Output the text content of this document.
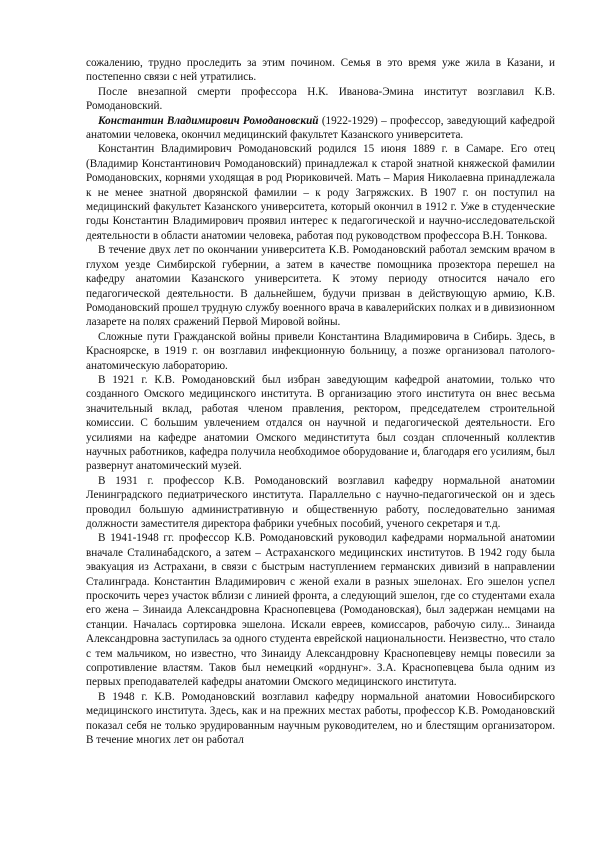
сожалению, трудно проследить за этим почином. Семья в это время уже жила в Казани, и постепенно связи с ней утратились.

После внезапной смерти профессора Н.К. Иванова-Эмина институт возглавил К.В. Ромодановский.

Константин Владимирович Ромодановский (1922-1929) – профессор, заведующий кафедрой анатомии человека, окончил медицинский факультет Казанского университета.

Константин Владимирович Ромодановский родился 15 июня 1889 г. в Самаре. Его отец (Владимир Константинович Ромодановский) принадлежал к старой знатной княжеской фамилии Ромодановских, корнями уходящая в род Рюриковичей. Мать – Мария Николаевна принадлежала к не менее знатной дворянской фамилии – к роду Загряжских. В 1907 г. он поступил на медицинский факультет Казанского университета, который окончил в 1912 г. Уже в студенческие годы Константин Владимирович проявил интерес к педагогической и научно-исследовательской деятельности в области анатомии человека, работая под руководством профессора В.Н. Тонкова.

В течение двух лет по окончании университета К.В. Ромодановский работал земским врачом в глухом уезде Симбирской губернии, а затем в качестве помощника прозектора перешел на кафедру анатомии Казанского университета. К этому периоду относится начало его педагогической деятельности. В дальнейшем, будучи призван в действующую армию, К.В. Ромодановский прошел трудную службу военного врача в кавалерийских полках и в дивизионном лазарете на полях сражений Первой Мировой войны.

Сложные пути Гражданской войны привели Константина Владимировича в Сибирь. Здесь, в Красноярске, в 1919 г. он возглавил инфекционную больницу, а позже организовал патолого-анатомическую лабораторию.

В 1921 г. К.В. Ромодановский был избран заведующим кафедрой анатомии, только что созданного Омского медицинского института. В организацию этого института он внес весьма значительный вклад, работая членом правления, ректором, председателем строительной комиссии. С большим увлечением отдался он научной и педагогической деятельности. Его усилиями на кафедре анатомии Омского мединститута был создан сплоченный коллектив научных работников, кафедра получила необходимое оборудование и, благодаря его усилиям, был развернут анатомический музей.

В 1931 г. профессор К.В. Ромодановский возглавил кафедру нормальной анатомии Ленинградского педиатрического института. Параллельно с научно-педагогической он и здесь проводил большую административную и общественную работу, последовательно занимая должности заместителя директора фабрики учебных пособий, ученого секретаря и т.д.

В 1941-1948 гг. профессор К.В. Ромодановский руководил кафедрами нормальной анатомии вначале Сталинабадского, а затем – Астраханского медицинских институтов. В 1942 году была эвакуация из Астрахани, в связи с быстрым наступлением германских дивизий в направлении Сталинграда. Константин Владимирович с женой ехали в разных эшелонах. Его эшелон успел проскочить через участок вблизи с линией фронта, а следующий эшелон, где со студентами ехала его жена – Зинаида Александровна Краснопевцева (Ромодановская), был задержан немцами на станции. Началась сортировка эшелона. Искали евреев, комиссаров, рабочую силу... Зинаида Александровна заступилась за одного студента еврейской национальности. Неизвестно, что стало с тем мальчиком, но известно, что Зинаиду Александровну Краснопевцеву немцы повесили за сопротивление властям. Таков был немецкий «орднунг». З.А. Краснопевцева была одним из первых преподавателей кафедры анатомии Омского медицинского института.

В 1948 г. К.В. Ромодановский возглавил кафедру нормальной анатомии Новосибирского медицинского института. Здесь, как и на прежних местах работы, профессор К.В. Ромодановский показал себя не только эрудированным научным руководителем, но и блестящим организатором. В течение многих лет он работал
